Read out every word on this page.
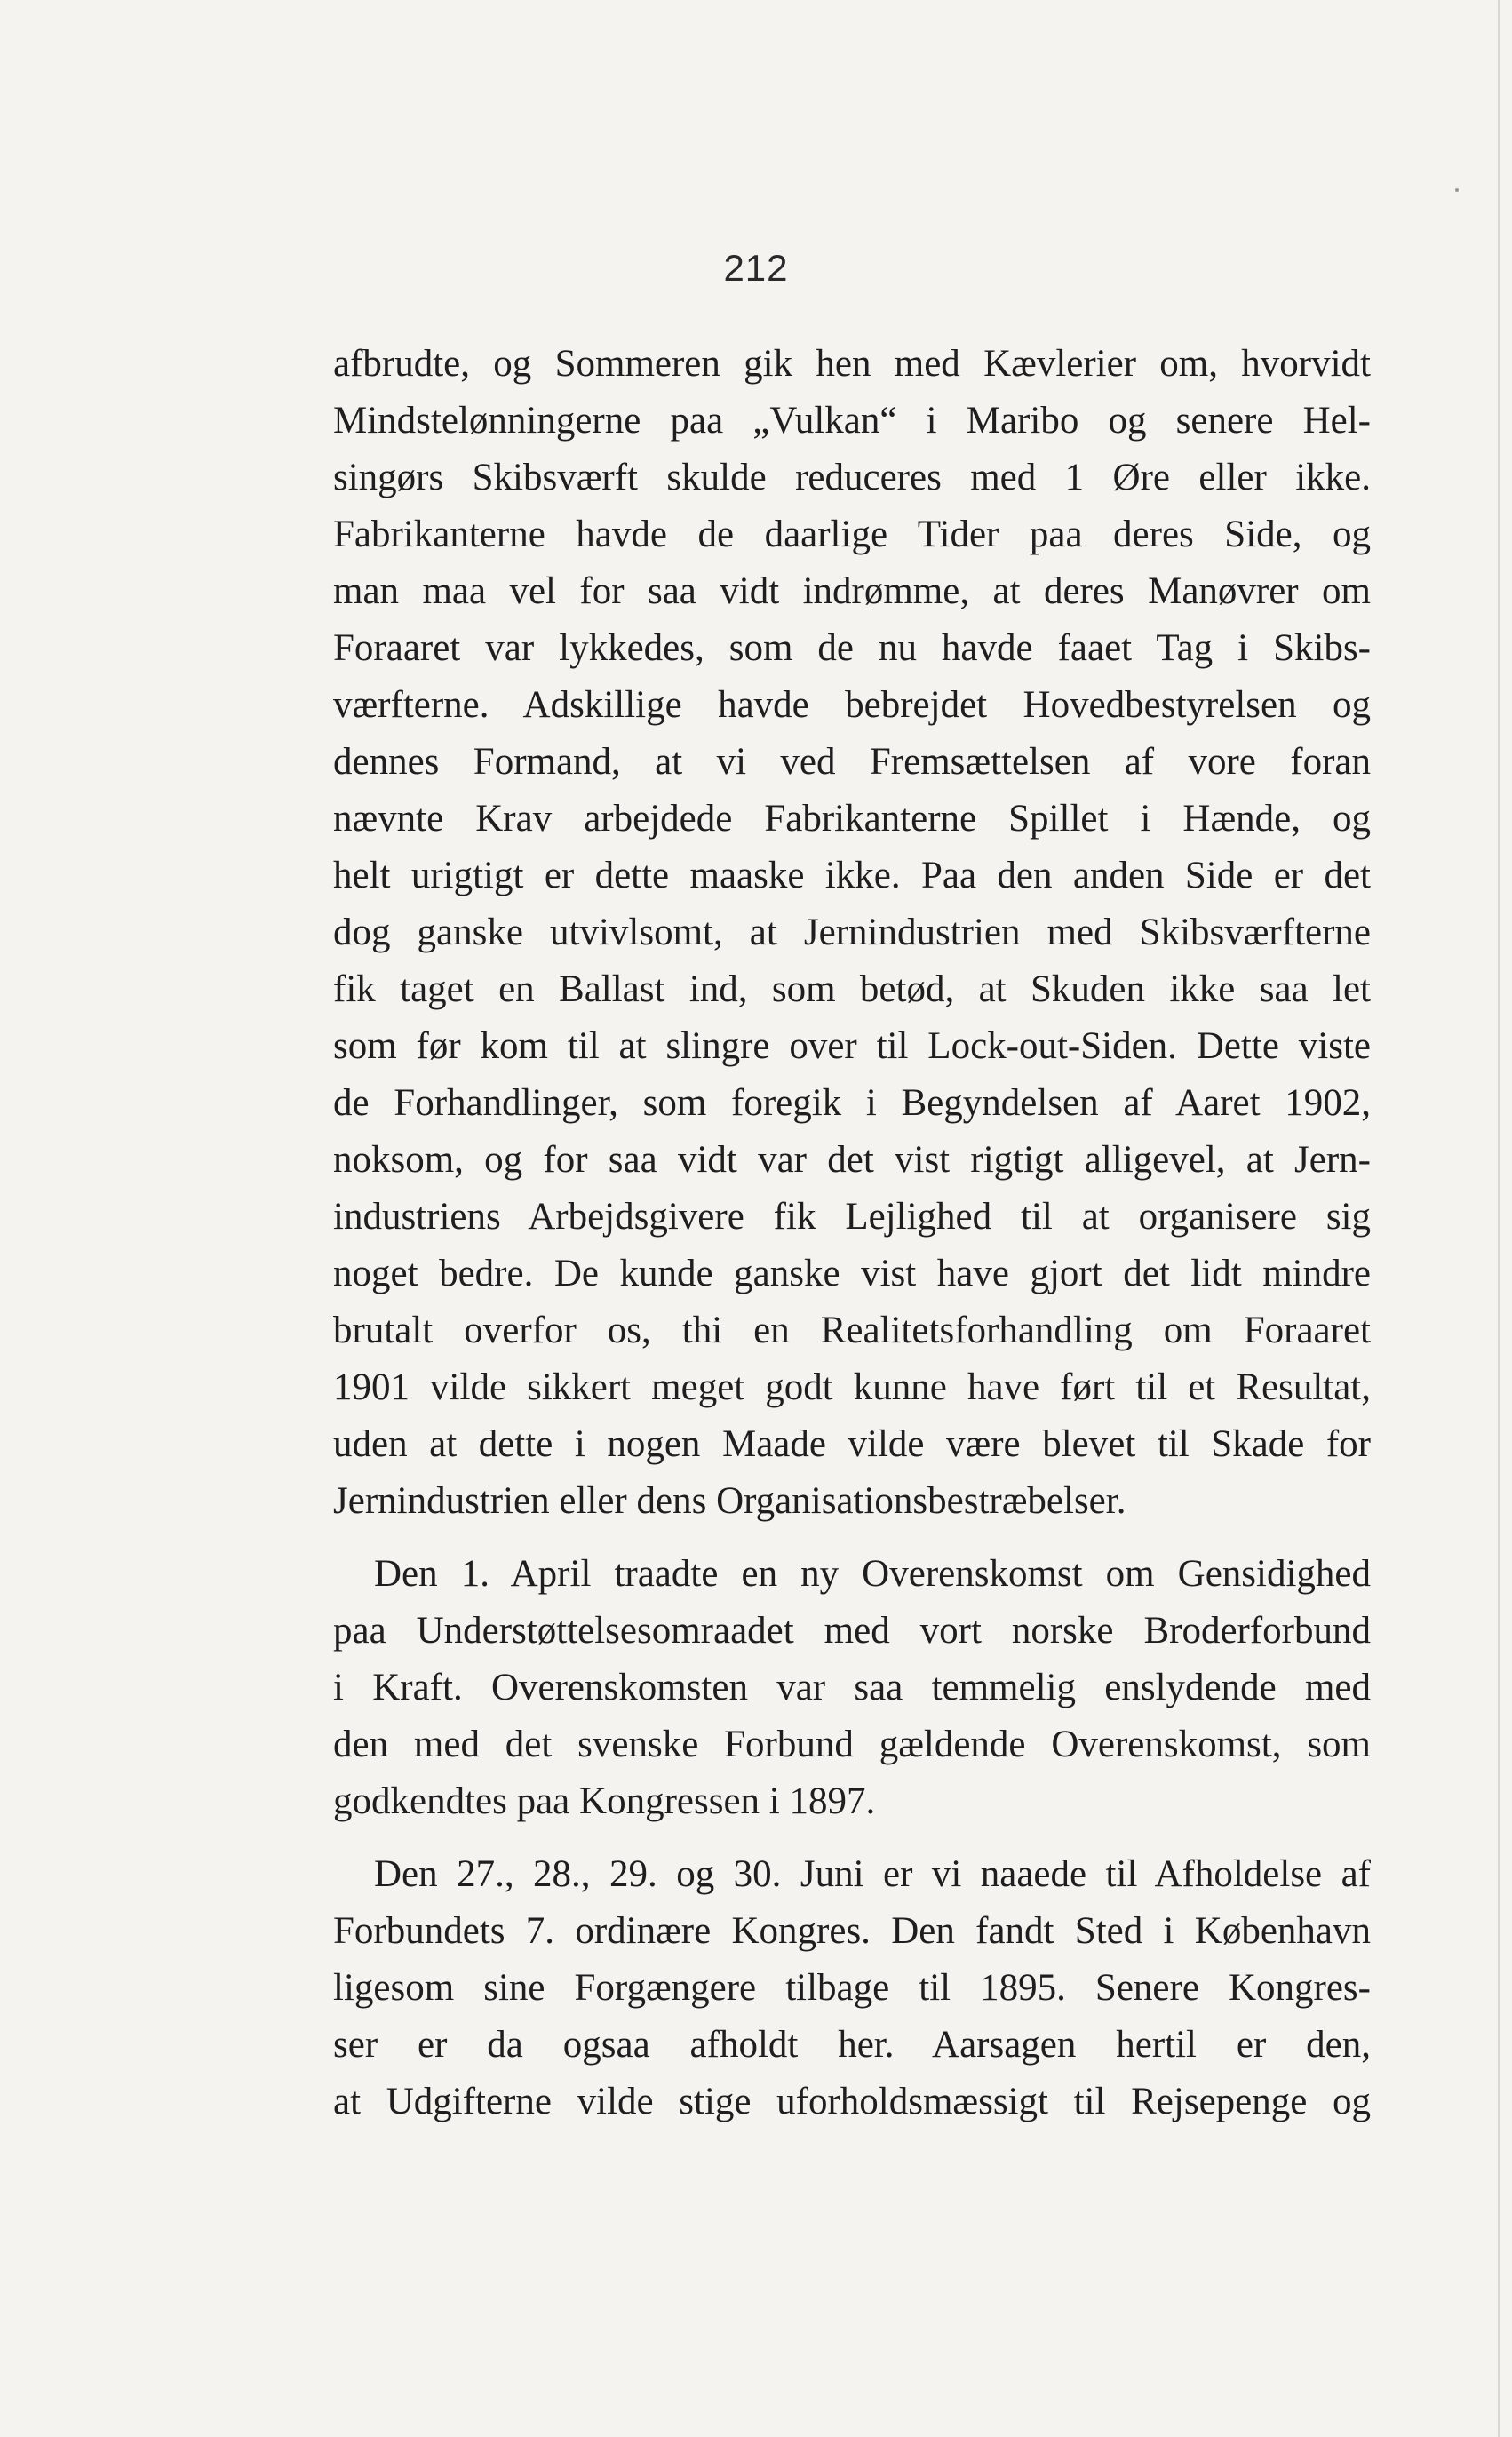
212
afbrudte, og Sommeren gik hen med Kævlerier om, hvorvidt
Mindstelønningerne paa „Vulkan“ i Maribo og senere Hel-
singørs Skibsværft skulde reduceres med 1 Øre eller ikke.
Fabrikanterne havde de daarlige Tider paa deres Side, og
man maa vel for saa vidt indrømme, at deres Manøvrer om
Foraaret var lykkedes, som de nu havde faaet Tag i Skibs-
værfterne. Adskillige havde bebrejdet Hovedbestyrelsen og
dennes Formand, at vi ved Fremsættelsen af vore foran
nævnte Krav arbejdede Fabrikanterne Spillet i Hænde, og
helt urigtigt er dette maaske ikke. Paa den anden Side er det
dog ganske utvivlsomt, at Jernindustrien med Skibsværfterne
fik taget en Ballast ind, som betød, at Skuden ikke saa let
som før kom til at slingre over til Lock-out-Siden. Dette viste
de Forhandlinger, som foregik i Begyndelsen af Aaret 1902,
noksom, og for saa vidt var det vist rigtigt alligevel, at Jern-
industriens Arbejdsgivere fik Lejlighed til at organisere sig
noget bedre. De kunde ganske vist have gjort det lidt mindre
brutalt overfor os, thi en Realitetsforhandling om Foraaret
1901 vilde sikkert meget godt kunne have ført til et Resultat,
uden at dette i nogen Maade vilde være blevet til Skade for
Jernindustrien eller dens Organisationsbestræbelser.
Den 1. April traadte en ny Overenskomst om Gensidighed
paa Understøttelsesomraadet med vort norske Broderforbund
i Kraft. Overenskomsten var saa temmelig enslydende med
den med det svenske Forbund gældende Overenskomst, som
godkendtes paa Kongressen i 1897.
Den 27., 28., 29. og 30. Juni er vi naaede til Afholdelse af
Forbundets 7. ordinære Kongres. Den fandt Sted i København
ligesom sine Forgængere tilbage til 1895. Senere Kongres-
ser er da ogsaa afholdt her. Aarsagen hertil er den,
at Udgifterne vilde stige uforholdsmæssigt til Rejsepenge og
